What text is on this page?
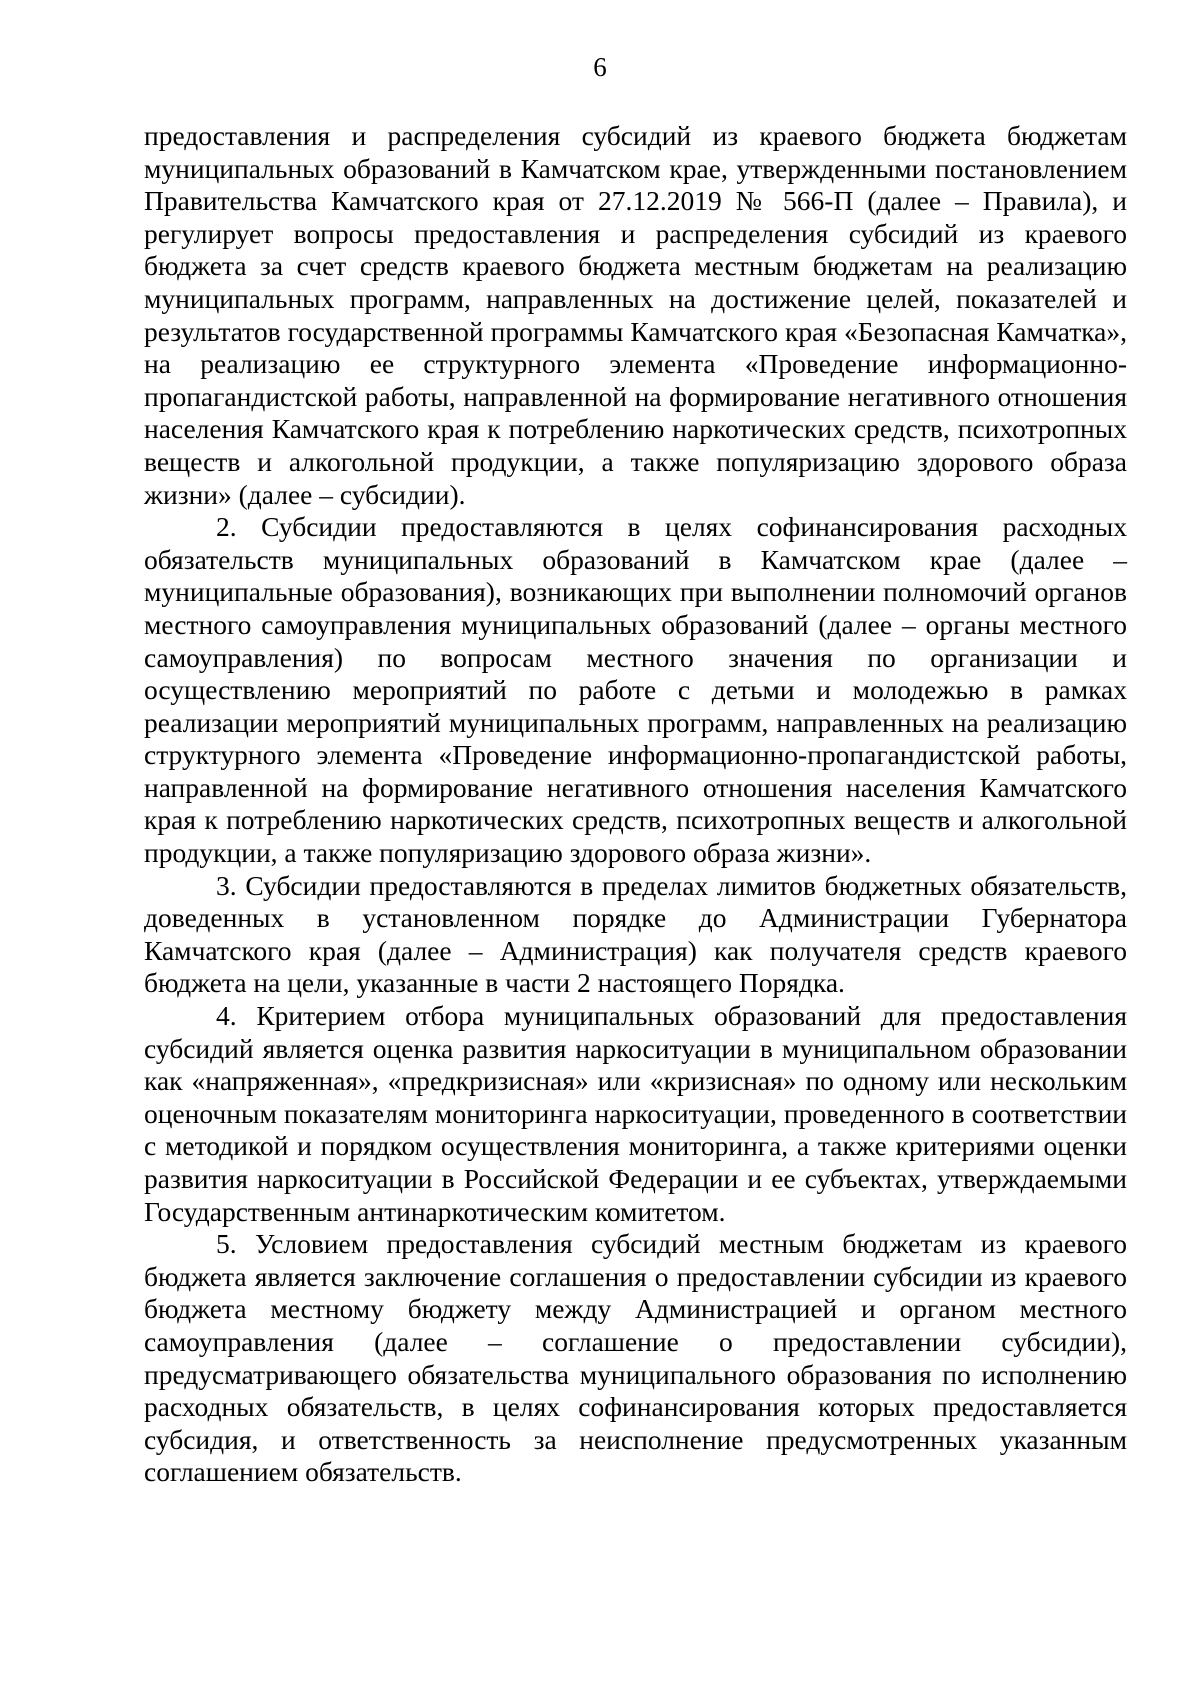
6

предоставления и распределения субсидий из краевого бюджета бюджетам муниципальных образований в Камчатском крае, утвержденными постановлением Правительства Камчатского края от 27.12.2019 № 566-П (далее – Правила), и регулирует вопросы предоставления и распределения субсидий из краевого бюджета за счет средств краевого бюджета местным бюджетам на реализацию муниципальных программ, направленных на достижение целей, показателей и результатов государственной программы Камчатского края «Безопасная Камчатка», на реализацию ее структурного элемента «Проведение информационно-пропагандистской работы, направленной на формирование негативного отношения населения Камчатского края к потреблению наркотических средств, психотропных веществ и алкогольной продукции, а также популяризацию здорового образа жизни» (далее – субсидии).

2. Субсидии предоставляются в целях софинансирования расходных обязательств муниципальных образований в Камчатском крае (далее – муниципальные образования), возникающих при выполнении полномочий органов местного самоуправления муниципальных образований (далее – органы местного самоуправления) по вопросам местного значения по организации и осуществлению мероприятий по работе с детьми и молодежью в рамках реализации мероприятий муниципальных программ, направленных на реализацию структурного элемента «Проведение информационно-пропагандистской работы, направленной на формирование негативного отношения населения Камчатского края к потреблению наркотических средств, психотропных веществ и алкогольной продукции, а также популяризацию здорового образа жизни».

3. Субсидии предоставляются в пределах лимитов бюджетных обязательств, доведенных в установленном порядке до Администрации Губернатора Камчатского края (далее – Администрация) как получателя средств краевого бюджета на цели, указанные в части 2 настоящего Порядка.

4. Критерием отбора муниципальных образований для предоставления субсидий является оценка развития наркоситуации в муниципальном образовании как «напряженная», «предкризисная» или «кризисная» по одному или нескольким оценочным показателям мониторинга наркоситуации, проведенного в соответствии с методикой и порядком осуществления мониторинга, а также критериями оценки развития наркоситуации в Российской Федерации и ее субъектах, утверждаемыми Государственным антинаркотическим комитетом.

5. Условием предоставления субсидий местным бюджетам из краевого бюджета является заключение соглашения о предоставлении субсидии из краевого бюджета местному бюджету между Администрацией и органом местного самоуправления (далее – соглашение о предоставлении субсидии), предусматривающего обязательства муниципального образования по исполнению расходных обязательств, в целях софинансирования которых предоставляется субсидия, и ответственность за неисполнение предусмотренных указанным соглашением обязательств.
